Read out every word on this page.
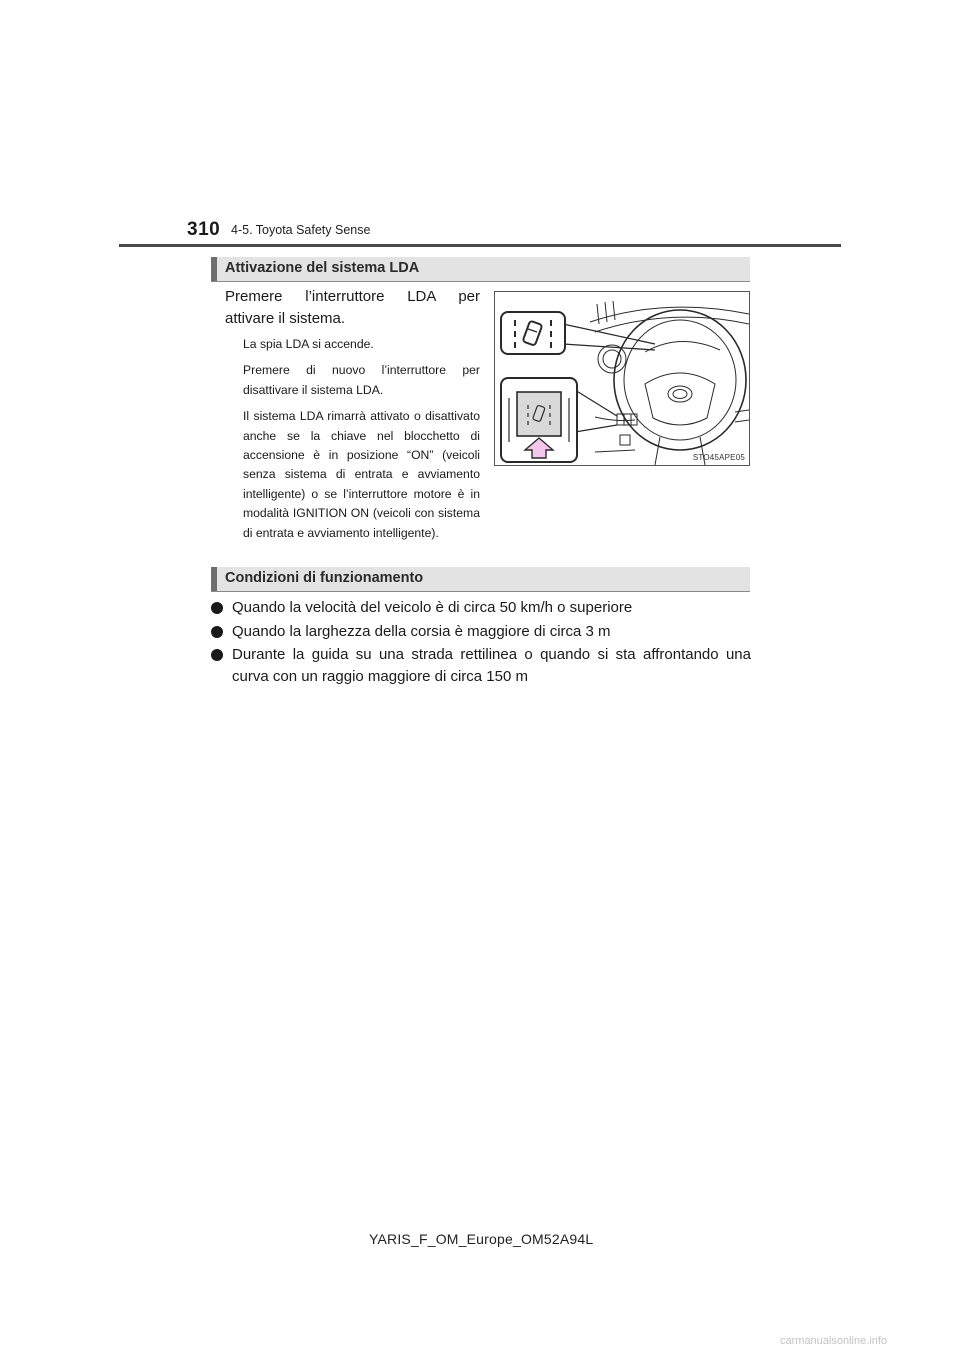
310 4-5. Toyota Safety Sense
Attivazione del sistema LDA
Premere l’interruttore LDA per
attivare il sistema.

La spia LDA si accende.

Premere di nuovo l’interruttore per disattivare il sistema LDA.

Il sistema LDA rimarrà attivato o disattivato anche se la chiave nel blocchetto di accensione è in posizione “ON” (veicoli senza sistema di entrata e avviamento intelligente) o se l’interruttore motore è in modalità IGNITION ON (veicoli con sistema di entrata e avviamento intelligente).

STO45APE05
Condizioni di funzionamento
Quando la velocità del veicolo è di circa 50 km/h o superiore
Quando la larghezza della corsia è maggiore di circa 3 m
Durante la guida su una strada rettilinea o quando si sta affrontando una curva con un raggio maggiore di circa 150 m
YARIS_F_OM_Europe_OM52A94L
carmanualsonline.info
